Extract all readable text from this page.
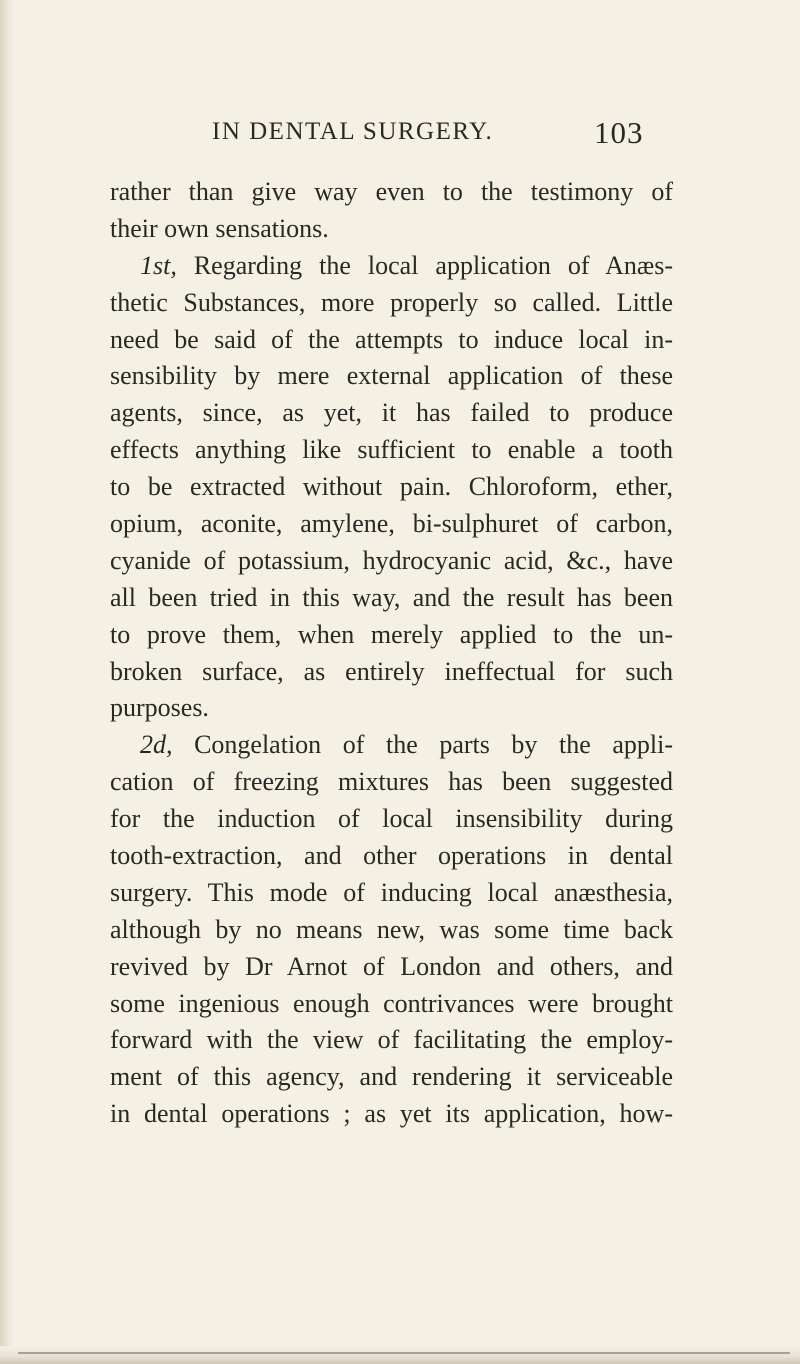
IN DENTAL SURGERY.	103
rather than give way even to the testimony of
their own sensations.
1st, Regarding the local application of Anæs-
thetic Substances, more properly so called. Little
need be said of the attempts to induce local in-
sensibility by mere external application of these
agents, since, as yet, it has failed to produce
effects anything like sufficient to enable a tooth
to be extracted without pain. Chloroform, ether,
opium, aconite, amylene, bi-sulphuret of carbon,
cyanide of potassium, hydrocyanic acid, &c., have
all been tried in this way, and the result has been
to prove them, when merely applied to the un-
broken surface, as entirely ineffectual for such
purposes.
2d, Congelation of the parts by the appli-
cation of freezing mixtures has been suggested
for the induction of local insensibility during
tooth-extraction, and other operations in dental
surgery. This mode of inducing local anæsthesia,
although by no means new, was some time back
revived by Dr Arnot of London and others, and
some ingenious enough contrivances were brought
forward with the view of facilitating the employ-
ment of this agency, and rendering it serviceable
in dental operations ; as yet its application, how-
